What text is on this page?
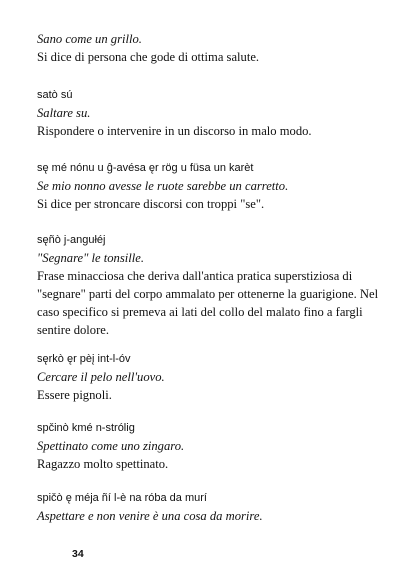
Sano come un grillo.
Si dice di persona che gode di ottima salute.
satò sú
Saltare su.
Rispondere o intervenire in un discorso in malo modo.
sę mé nónu u ĝ-avésa ęr rög u füsa un karèt
Se mio nonno avesse le ruote sarebbe un carretto.
Si dice per stroncare discorsi con troppi "se".
sęñò j-angułéj
"Segnare" le tonsille.
Frase minacciosa che deriva dall'antica pratica superstiziosa di
"segnare" parti del corpo ammalato per ottenerne la guarigione. Nel
caso specifico si premeva ai lati del collo del malato fino a fargli
sentire dolore.
sęrkò ęr pèį int-l-óv
Cercare il pelo nell'uovo.
Essere pignoli.
spčinò kmé n-strólig
Spettinato come uno zingaro.
Ragazzo molto spettinato.
spičò ę méja ñí l-è na róba da murí
Aspettare e non venire è una cosa da morire.
34
